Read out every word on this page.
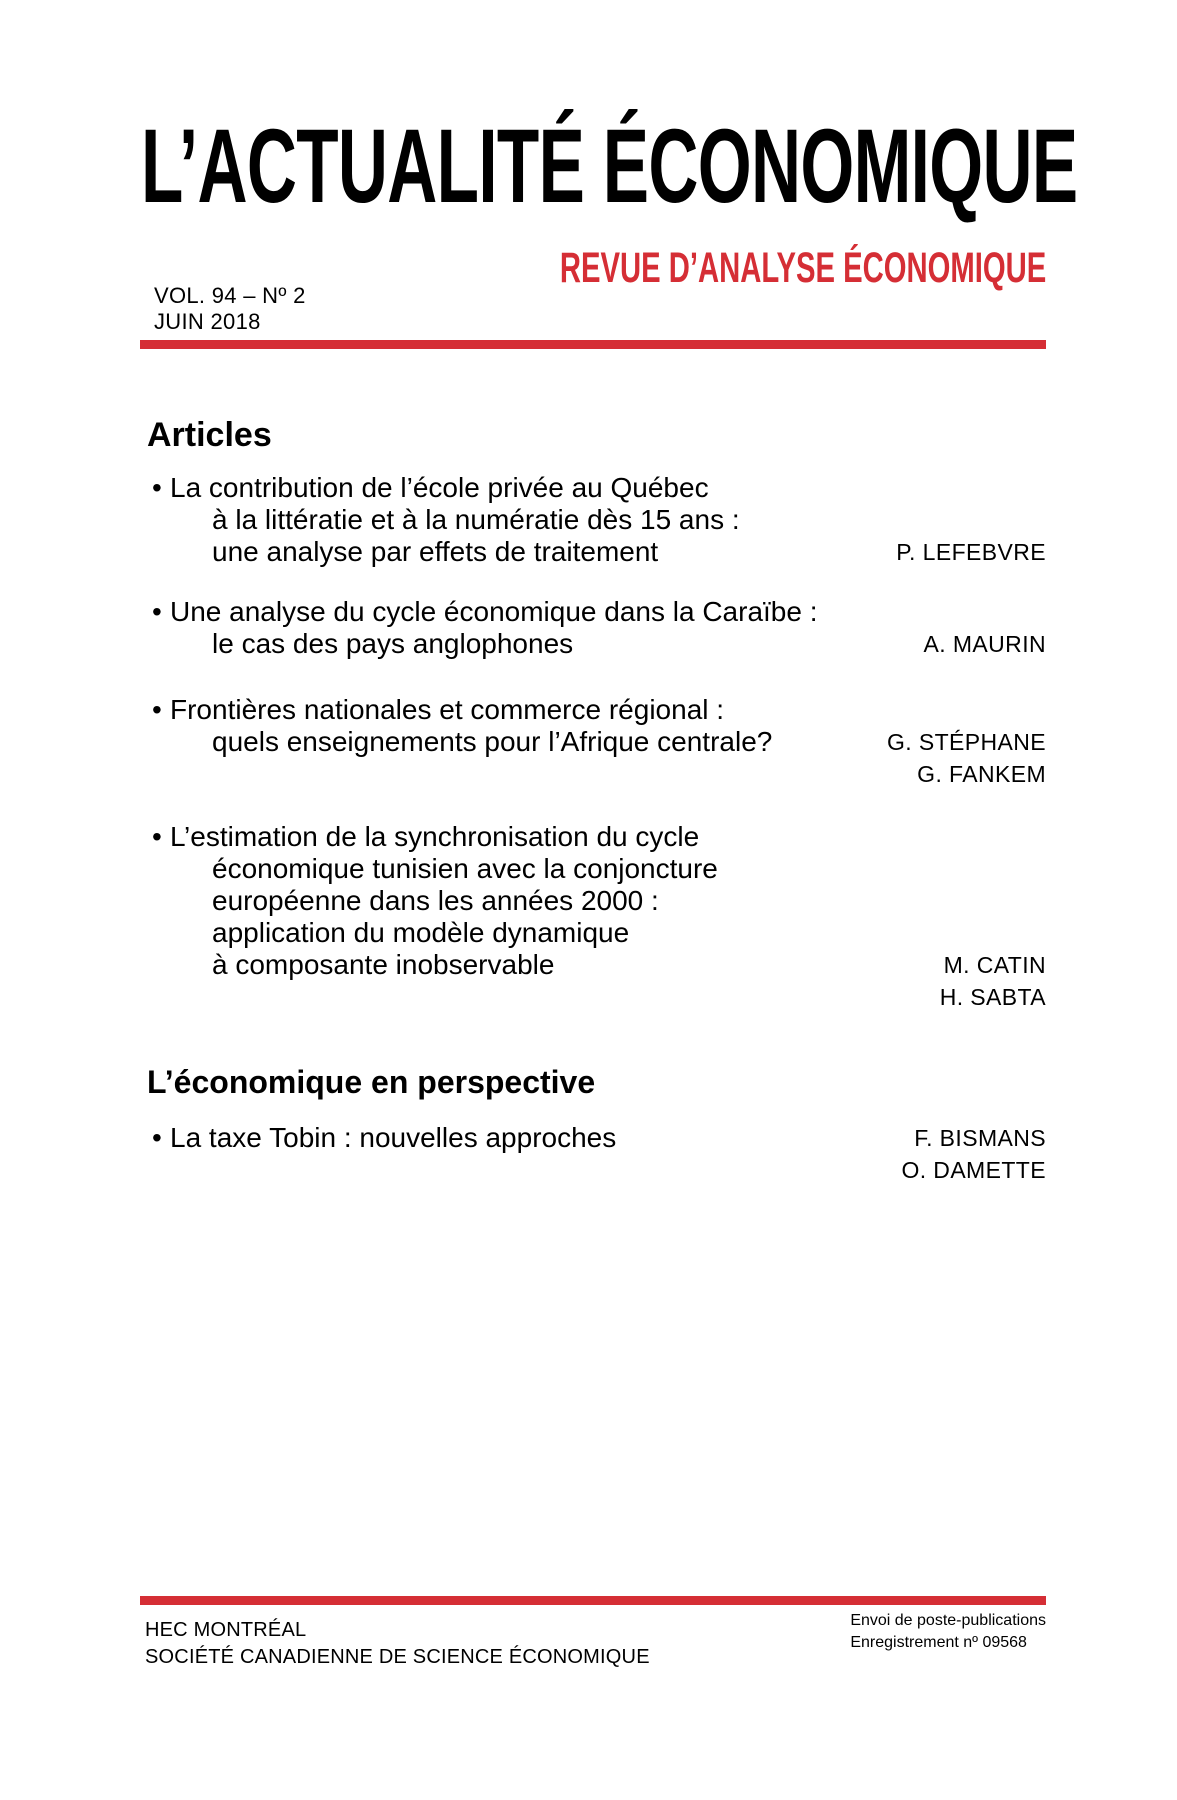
L’ACTUALITÉ ÉCONOMIQUE
REVUE D’ANALYSE ÉCONOMIQUE
VOL. 94 – Nº 2
JUIN 2018
Articles
• La contribution de l’école privée au Québec
à la littératie et à la numératie dès 15 ans :
une analyse par effets de traitement	P. LEFEBVRE
• Une analyse du cycle économique dans la Caraïbe :
le cas des pays anglophones	A. MAURIN
• Frontières nationales et commerce régional :
quels enseignements pour l’Afrique centrale?	G. STÉPHANE
G. FANKEM
• L’estimation de la synchronisation du cycle
économique tunisien avec la conjoncture
européenne dans les années 2000 :
application du modèle dynamique
à composante inobservable	M. CATIN
H. SABTA
L’économique en perspective
• La taxe Tobin : nouvelles approches	F. BISMANS
O. DAMETTE
HEC MONTRÉAL
SOCIÉTÉ CANADIENNE DE SCIENCE ÉCONOMIQUE
Envoi de poste-publications
Enregistrement nº 09568
